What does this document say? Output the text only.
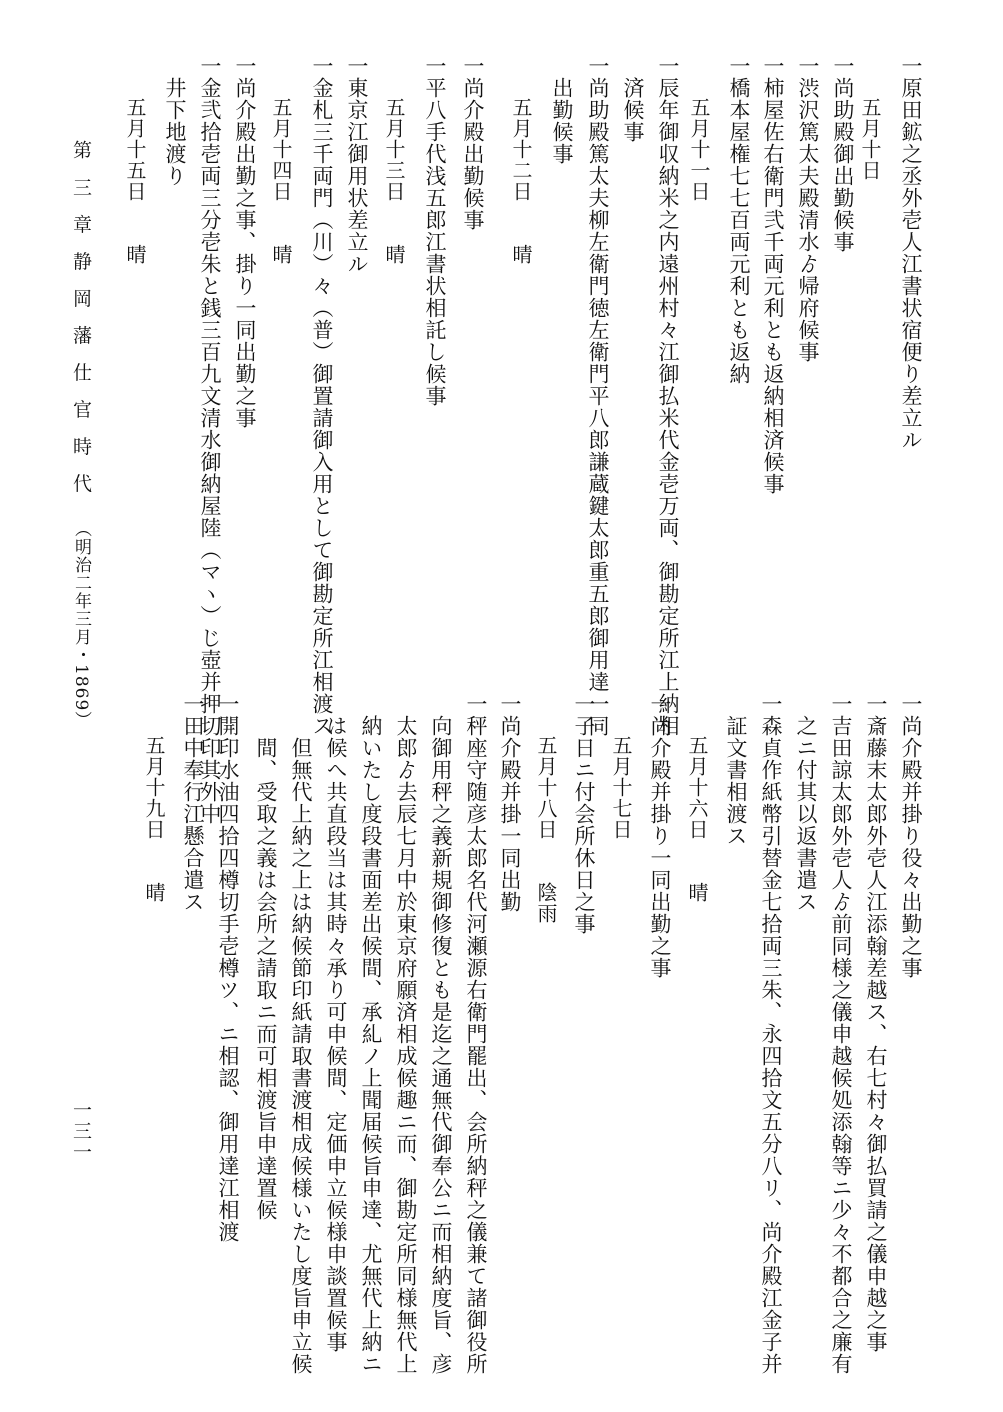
一原田鉱之丞外壱人江書状宿便り差立ル
　　五月十日
一尚助殿御出勤候事
一渋沢篤太夫殿清水ゟ帰府候事
一柿屋佐右衛門弐千両元利とも返納相済候事
一橋本屋権七七百両元利とも返納
　　五月十一日
一辰年御収納米之内遠州村々江御払米代金壱万両、御勘定所江上納相
　済候事
一尚助殿篤太夫柳左衛門徳左衛門平八郎謙蔵鍵太郎重五郎御用達一同
　出勤候事
　　五月十二日　　晴
一尚介殿出勤候事
一平八手代浅五郎江書状相託し候事
　　五月十三日　　晴
一東京江御用状差立ル
一金札三千両門（川）々（普）御置請御入用として御勘定所江相渡ス
　　五月十四日　　晴
一尚介殿出勤之事、掛り一同出勤之事
一金弐拾壱両三分壱朱と銭三百九文清水御納屋陸（マヽ）じ壺并押切印其外中
　井下地渡り
　　五月十五日　　晴
一尚介殿并掛り役々出勤之事
一斎藤末太郎外壱人江添翰差越ス、右七村々御払買請之儀申越之事
一吉田諒太郎外壱人ゟ前同様之儀申越候処添翰等ニ少々不都合之廉有
　之ニ付其以返書遣ス
一森貞作紙幣引替金七拾両三朱、永四拾文五分八リ、尚介殿江金子并
　証文書相渡ス
　　五月十六日　　晴
一尚介殿并掛り一同出勤之事
　　五月十七日
一子日ニ付会所休日之事
　　五月十八日　　陰雨
一尚介殿并掛一同出勤
一秤座守随彦太郎名代河瀬源右衛門罷出、会所納秤之儀兼て諸御役所
　向御用秤之義新規御修復とも是迄之通無代御奉公ニ而相納度旨、彦
　太郎ゟ去辰七月中於東京府願済相成候趣ニ而、御勘定所同様無代上
　納いたし度段書面差出候間、承糺ノ上聞届候旨申達、尤無代上納ニ
　は候へ共直段当は其時々承り可申候間、定価申立候様申談置候事
　　但無代上納之上は納候節印紙請取書渡相成候様いたし度旨申立候
　　間、受取之義は会所之請取ニ而可相渡旨申達置候
一開印水油四拾四樽切手壱樽ツ、ニ相認、御用達江相渡
一田中奉行江懸合遣ス
　　五月十九日　　晴
第 三 章 静 岡 藩 仕 官 時 代 （明治二年三月・1869）
一三一
